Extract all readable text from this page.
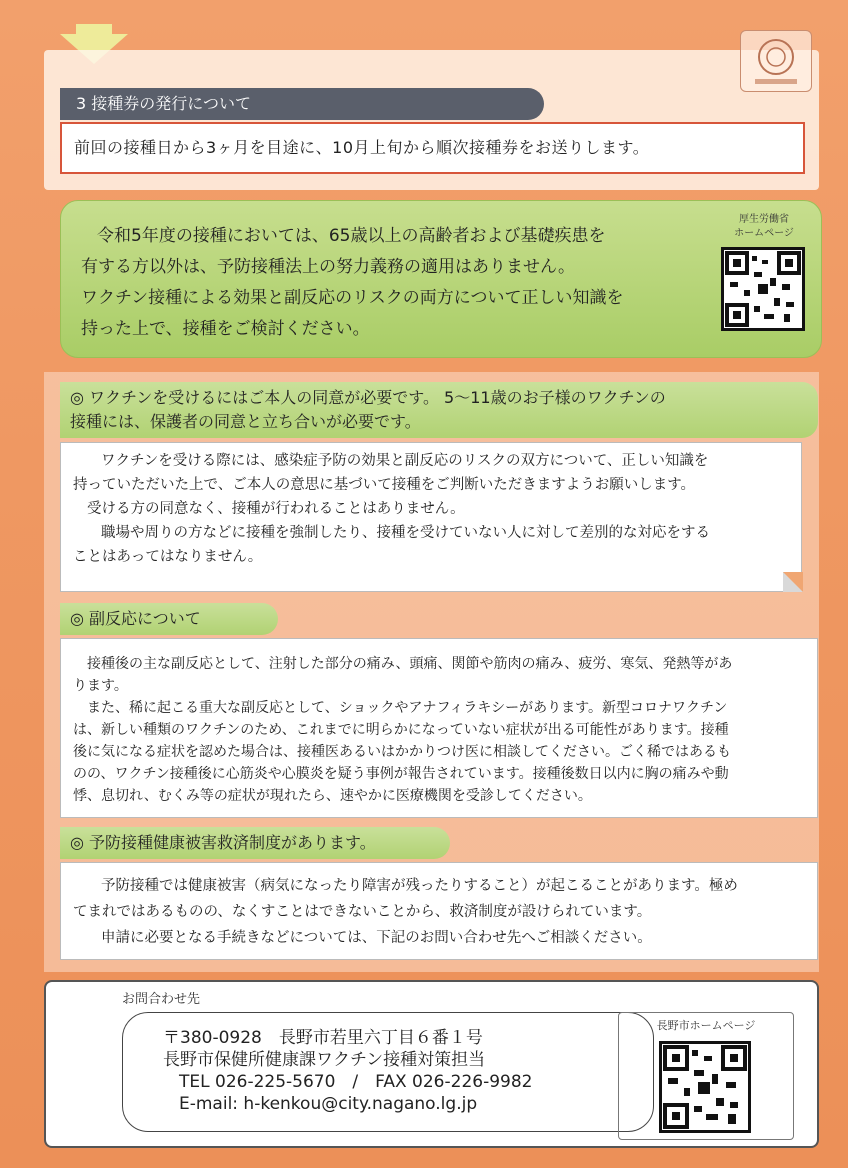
3 接種券の発行について
前回の接種日から3ヶ月を目途に、10月上旬から順次接種券をお送りします。

令和5年度の接種においては、65歳以上の高齢者および基礎疾患を

有する方以外は、予防接種法上の努力義務の適用はありません。

ワクチン接種による効果と副反応のリスクの両方について正しい知識を

持った上で、接種をご検討ください。

厚生労働省
ホームページ
◎ ワクチンを受けるにはご本人の同意が必要です。 5～11歳のお子様のワクチンの
接種には、保護者の同意と立ち合いが必要です。

ワクチンを受ける際には、感染症予防の効果と副反応のリスクの双方について、正しい知識を

持っていただいた上で、ご本人の意思に基づいて接種をご判断いただきますようお願いします。

受ける方の同意なく、接種が行われることはありません。

職場や周りの方などに接種を強制したり、接種を受けていない人に対して差別的な対応をする

ことはあってはなりません。

◎ 副反応について

接種後の主な副反応として、注射した部分の痛み、頭痛、関節や筋肉の痛み、疲労、寒気、発熱等があ

ります。

また、稀に起こる重大な副反応として、ショックやアナフィラキシーがあります。新型コロナワクチン

は、新しい種類のワクチンのため、これまでに明らかになっていない症状が出る可能性があります。接種

後に気になる症状を認めた場合は、接種医あるいはかかりつけ医に相談してください。ごく稀ではあるも

のの、ワクチン接種後に心筋炎や心膜炎を疑う事例が報告されています。接種後数日以内に胸の痛みや動

悸、息切れ、むくみ等の症状が現れたら、速やかに医療機関を受診してください。

◎ 予防接種健康被害救済制度があります。

予防接種では健康被害（病気になったり障害が残ったりすること）が起こることがあります。極め

てまれではあるものの、なくすことはできないことから、救済制度が設けられています。

申請に必要となる手続きなどについては、下記のお問い合わせ先へご相談ください。

お問合わせ先
〒380-0928　長野市若里六丁目６番１号
長野市保健所健康課ワクチン接種対策担当
TEL 026-225-5670　/　FAX 026-226-9982
E-mail: h-kenkou@city.nagano.lg.jp
長野市ホームページ
